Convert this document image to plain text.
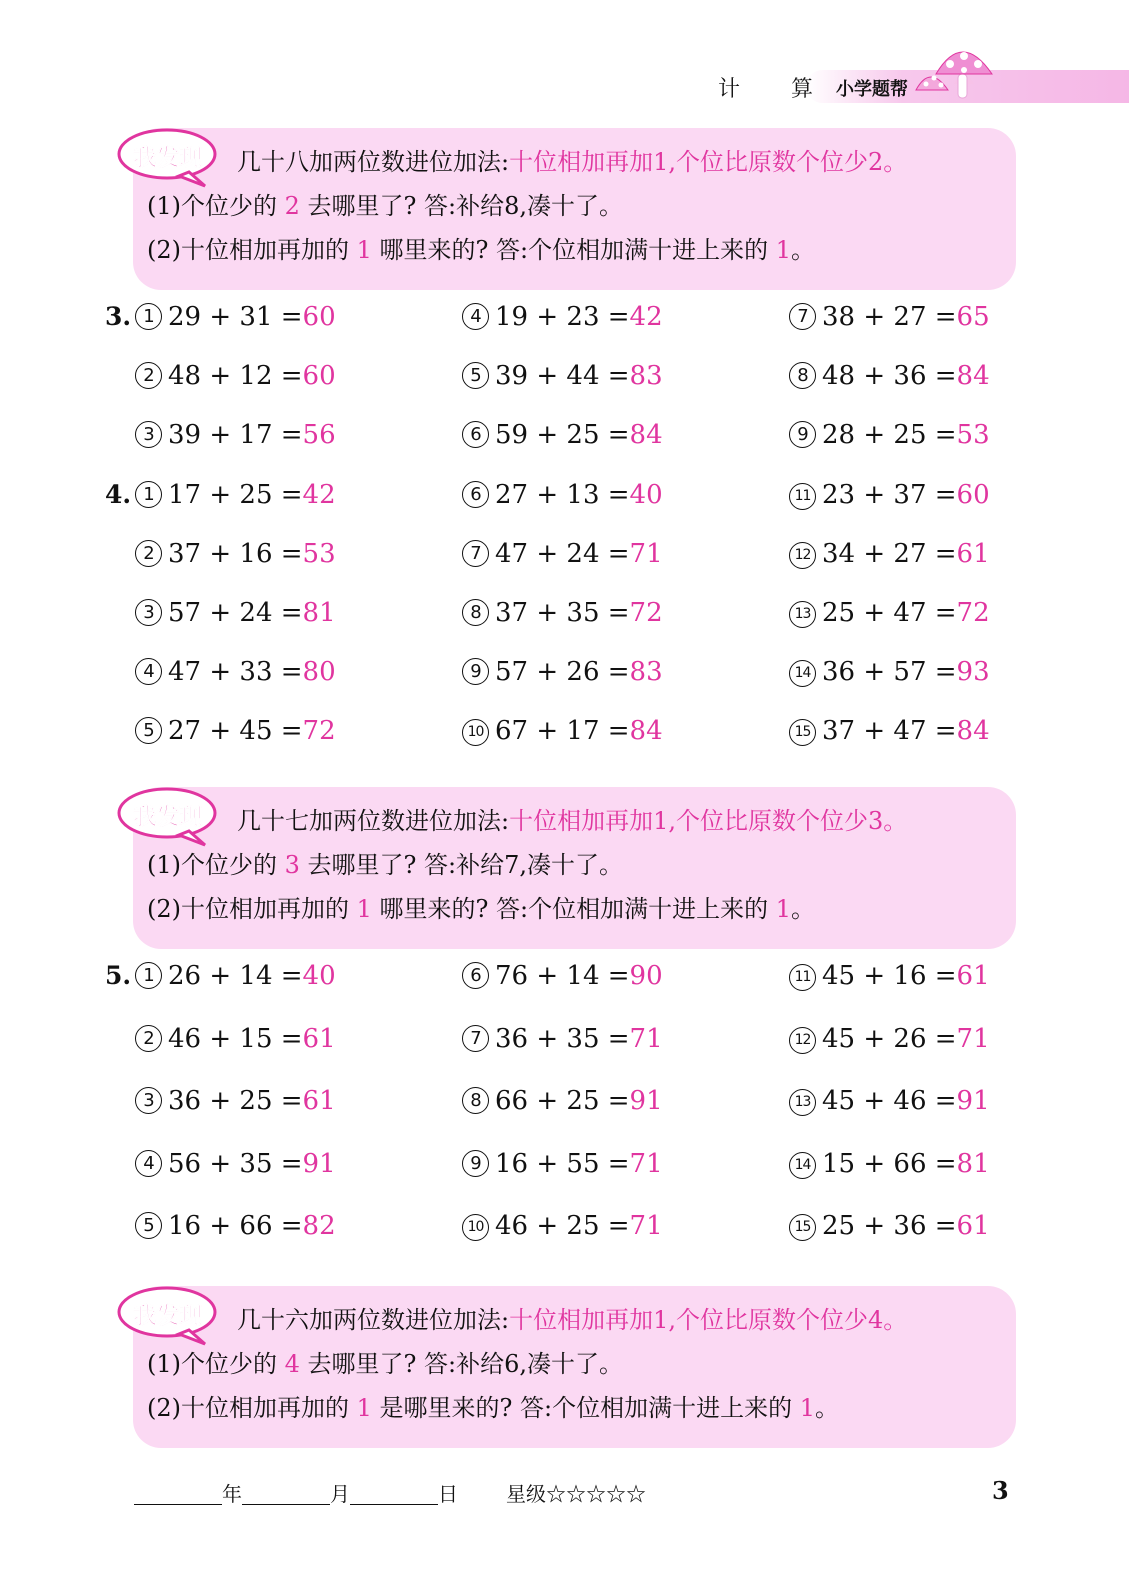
计 算 小学题帮
我发现	几十八加两位数进位加法:十位相加再加1,个位比原数个位少2。
(1)个位少的 2 去哪里了? 答:补给8,凑十了。
(2)十位相加再加的 1 哪里来的? 答:个位相加满十进上来的 1。
3. 1 29 + 31 =60	4 19 + 23 =42	7 38 + 27 =65
2 48 + 12 =60	5 39 + 44 =83	8 48 + 36 =84
3 39 + 17 =56	6 59 + 25 =84	9 28 + 25 =53
4. 1 17 + 25 =42	6 27 + 13 =40	11 23 + 37 =60
2 37 + 16 =53	7 47 + 24 =71	12 34 + 27 =61
3 57 + 24 =81	8 37 + 35 =72	13 25 + 47 =72
4 47 + 33 =80	9 57 + 26 =83	14 36 + 57 =93
5 27 + 45 =72	10 67 + 17 =84	15 37 + 47 =84
我发现	几十七加两位数进位加法:十位相加再加1,个位比原数个位少3。
(1)个位少的 3 去哪里了? 答:补给7,凑十了。
(2)十位相加再加的 1 哪里来的? 答:个位相加满十进上来的 1。
5. 1 26 + 14 =40	6 76 + 14 =90	11 45 + 16 =61
2 46 + 15 =61	7 36 + 35 =71	12 45 + 26 =71
3 36 + 25 =61	8 66 + 25 =91	13 45 + 46 =91
4 56 + 35 =91	9 16 + 55 =71	14 15 + 66 =81
5 16 + 66 =82	10 46 + 25 =71	15 25 + 36 =61
我发现	几十六加两位数进位加法:十位相加再加1,个位比原数个位少4。
(1)个位少的 4 去哪里了? 答:补给6,凑十了。
(2)十位相加再加的 1 是哪里来的? 答:个位相加满十进上来的 1。
年	月	日 星级☆☆☆☆☆	3
